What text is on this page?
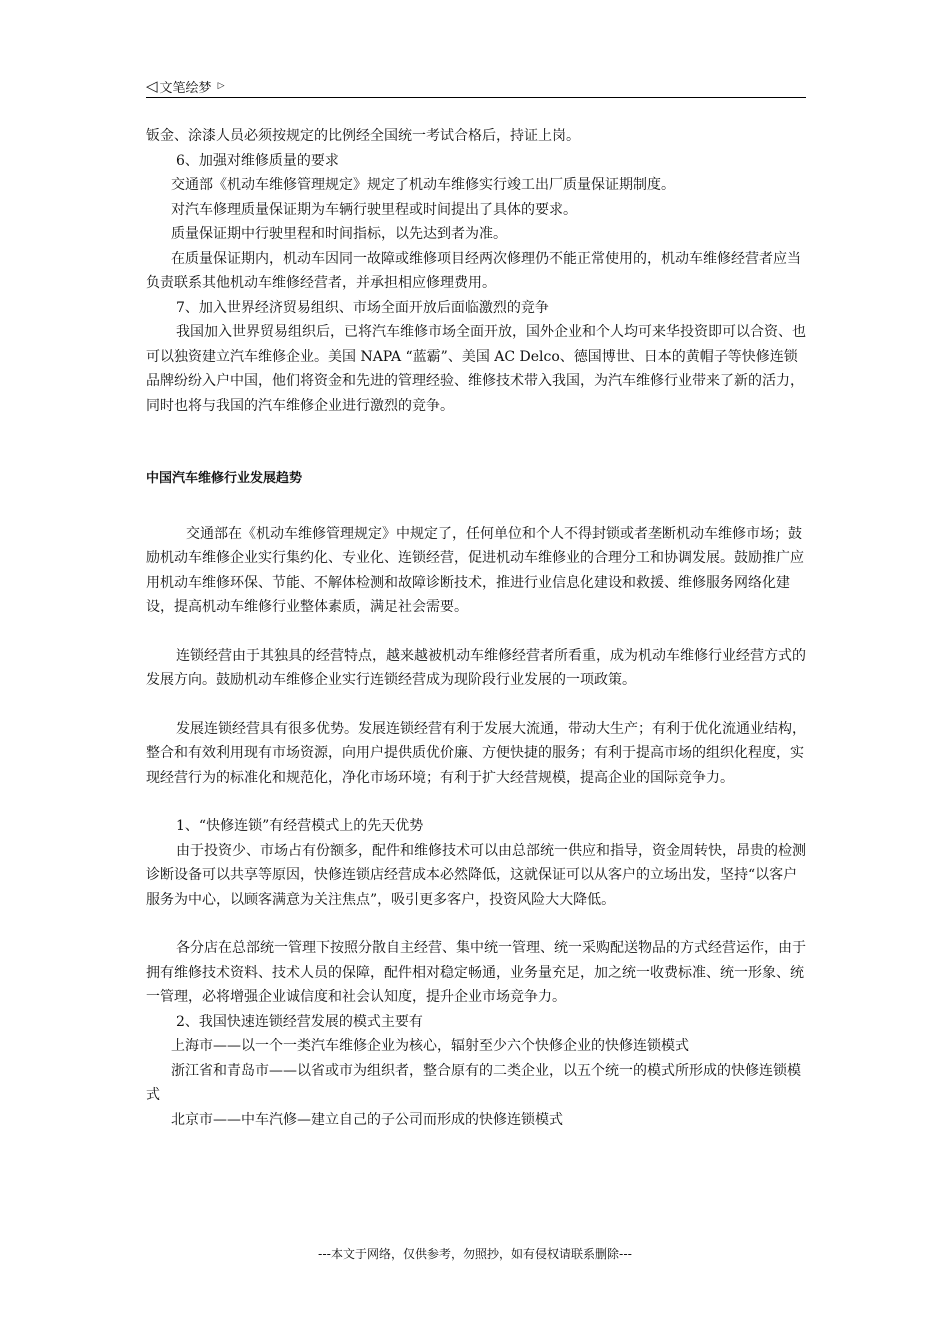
◁ 文笔绘梦 ▷

钣金、涂漆人员必须按规定的比例经全国统一考试合格后，持证上岗。

6、加强对维修质量的要求

交通部《机动车维修管理规定》规定了机动车维修实行竣工出厂质量保证期制度。

对汽车修理质量保证期为车辆行驶里程或时间提出了具体的要求。

质量保证期中行驶里程和时间指标，以先达到者为准。

在质量保证期内，机动车因同一故障或维修项目经两次修理仍不能正常使用的，机动车维修经营者应当负责联系其他机动车维修经营者，并承担相应修理费用。

7、加入世界经济贸易组织、市场全面开放后面临激烈的竞争

我国加入世界贸易组织后，已将汽车维修市场全面开放，国外企业和个人均可来华投资即可以合资、也可以独资建立汽车维修企业。美国 NAPA “蓝霸”、美国 AC Delco、德国博世、日本的黄帽子等快修连锁品牌纷纷入户中国，他们将资金和先进的管理经验、维修技术带入我国，为汽车维修行业带来了新的活力，同时也将与我国的汽车维修企业进行激烈的竞争。

中国汽车维修行业发展趋势

交通部在《机动车维修管理规定》中规定了，任何单位和个人不得封锁或者垄断机动车维修市场；鼓励机动车维修企业实行集约化、专业化、连锁经营，促进机动车维修业的合理分工和协调发展。鼓励推广应用机动车维修环保、节能、不解体检测和故障诊断技术，推进行业信息化建设和救援、维修服务网络化建设，提高机动车维修行业整体素质，满足社会需要。

连锁经营由于其独具的经营特点，越来越被机动车维修经营者所看重，成为机动车维修行业经营方式的发展方向。鼓励机动车维修企业实行连锁经营成为现阶段行业发展的一项政策。

发展连锁经营具有很多优势。发展连锁经营有利于发展大流通，带动大生产；有利于优化流通业结构，整合和有效利用现有市场资源，向用户提供质优价廉、方便快捷的服务；有利于提高市场的组织化程度，实现经营行为的标准化和规范化，净化市场环境；有利于扩大经营规模，提高企业的国际竞争力。

1、“快修连锁”有经营模式上的先天优势

由于投资少、市场占有份额多，配件和维修技术可以由总部统一供应和指导，资金周转快，昂贵的检测诊断设备可以共享等原因，快修连锁店经营成本必然降低，这就保证可以从客户的立场出发，坚持“以客户服务为中心，以顾客满意为关注焦点”，吸引更多客户，投资风险大大降低。

各分店在总部统一管理下按照分散自主经营、集中统一管理、统一采购配送物品的方式经营运作，由于拥有维修技术资料、技术人员的保障，配件相对稳定畅通，业务量充足，加之统一收费标准、统一形象、统一管理，必将增强企业诚信度和社会认知度，提升企业市场竞争力。

2、我国快速连锁经营发展的模式主要有

上海市——以一个一类汽车维修企业为核心，辐射至少六个快修企业的快修连锁模式

浙江省和青岛市——以省或市为组织者，整合原有的二类企业，以五个统一的模式所形成的快修连锁模式

北京市——中车汽修—建立自己的子公司而形成的快修连锁模式

---本文于网络，仅供参考，勿照抄，如有侵权请联系删除---
